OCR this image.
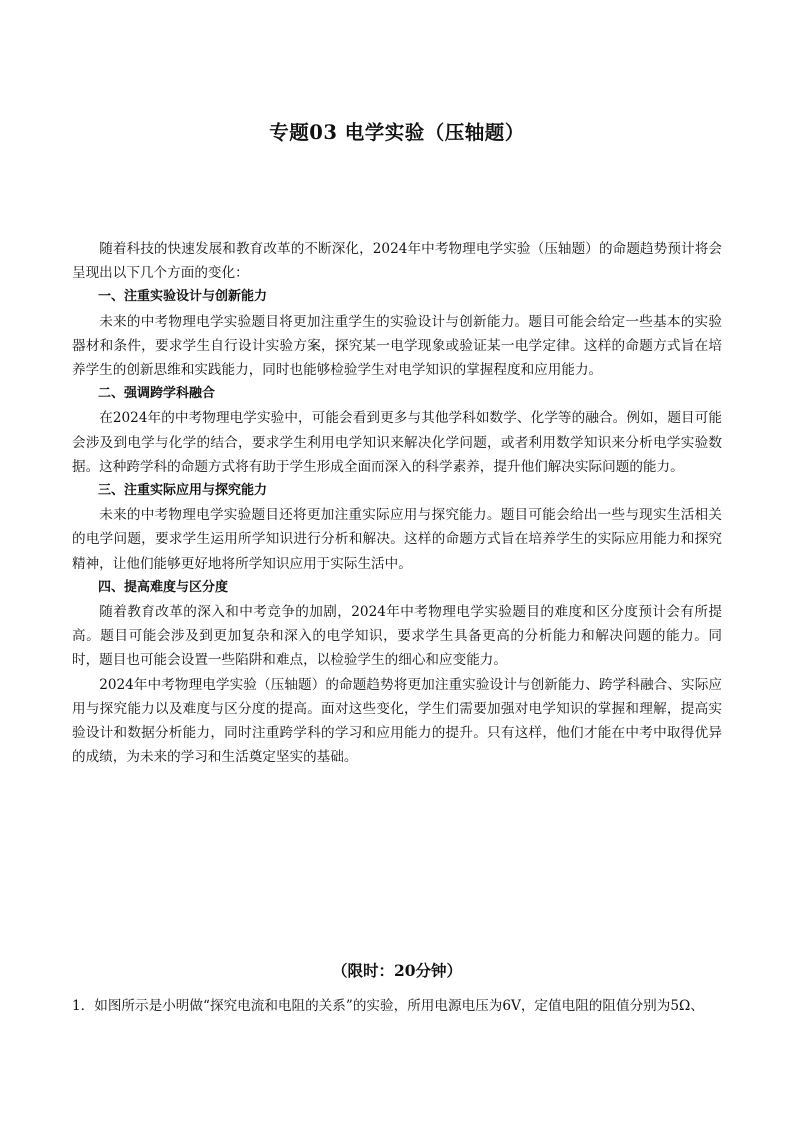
专题03 电学实验（压轴题）

随着科技的快速发展和教育改革的不断深化，2024年中考物理电学实验（压轴题）的命题趋势预计将会呈现出以下几个方面的变化：

一、注重实验设计与创新能力

未来的中考物理电学实验题目将更加注重学生的实验设计与创新能力。题目可能会给定一些基本的实验器材和条件，要求学生自行设计实验方案，探究某一电学现象或验证某一电学定律。这样的命题方式旨在培养学生的创新思维和实践能力，同时也能够检验学生对电学知识的掌握程度和应用能力。

二、强调跨学科融合

在2024年的中考物理电学实验中，可能会看到更多与其他学科如数学、化学等的融合。例如，题目可能会涉及到电学与化学的结合，要求学生利用电学知识来解决化学问题，或者利用数学知识来分析电学实验数据。这种跨学科的命题方式将有助于学生形成全面而深入的科学素养，提升他们解决实际问题的能力。

三、注重实际应用与探究能力

未来的中考物理电学实验题目还将更加注重实际应用与探究能力。题目可能会给出一些与现实生活相关的电学问题，要求学生运用所学知识进行分析和解决。这样的命题方式旨在培养学生的实际应用能力和探究精神，让他们能够更好地将所学知识应用于实际生活中。

四、提高难度与区分度

随着教育改革的深入和中考竞争的加剧，2024年中考物理电学实验题目的难度和区分度预计会有所提高。题目可能会涉及到更加复杂和深入的电学知识，要求学生具备更高的分析能力和解决问题的能力。同时，题目也可能会设置一些陷阱和难点，以检验学生的细心和应变能力。

2024年中考物理电学实验（压轴题）的命题趋势将更加注重实验设计与创新能力、跨学科融合、实际应用与探究能力以及难度与区分度的提高。面对这些变化，学生们需要加强对电学知识的掌握和理解，提高实验设计和数据分析能力，同时注重跨学科的学习和应用能力的提升。只有这样，他们才能在中考中取得优异的成绩，为未来的学习和生活奠定坚实的基础。

（限时：20分钟）

1．如图所示是小明做“探究电流和电阻的关系”的实验，所用电源电压为6V，定值电阻的阻值分别为5Ω、
